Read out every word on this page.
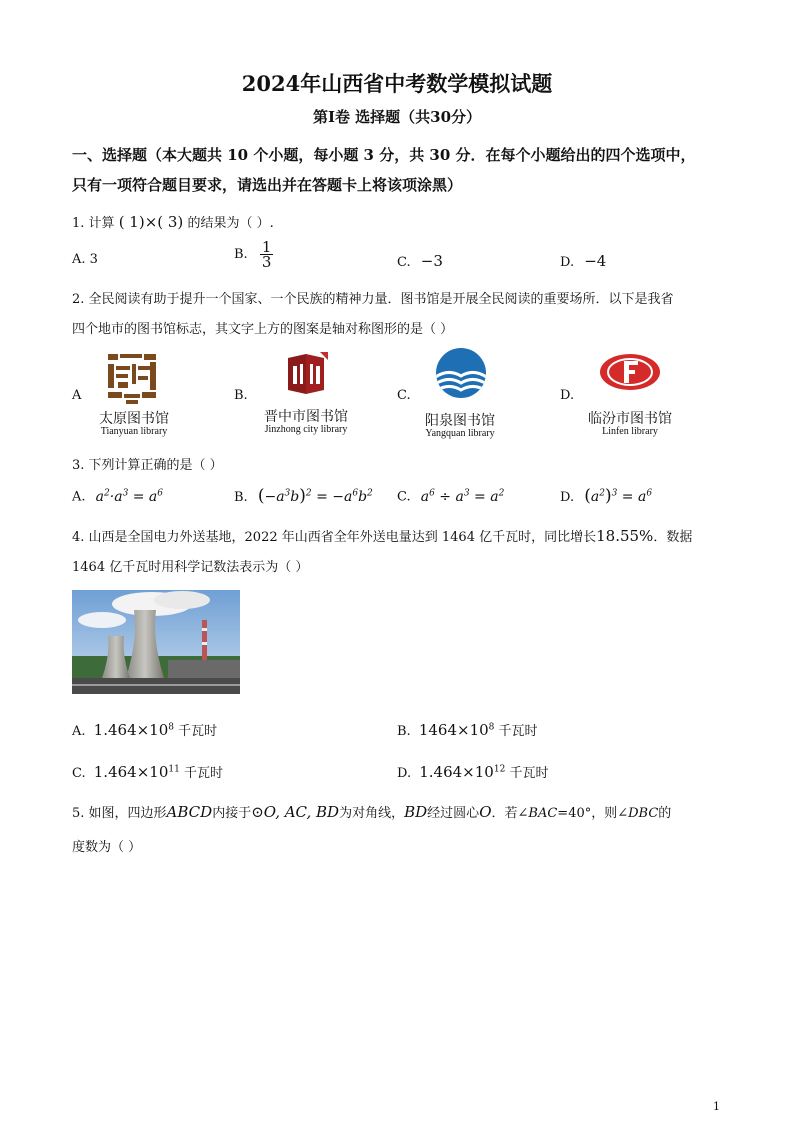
2024年山西省中考数学模拟试题
第Ⅰ卷 选择题（共30分）
一、选择题（本大题共 10 个小题，每小题 3 分，共 30 分．在每个小题给出的四个选项中，
只有一项符合题目要求，请选出并在答题卡上将该项涂黑）
1. 计算 ( 1)×( 3) 的结果为（ ）.
A. 3	B. $\frac{1}{3}$	C. −3	D. −4
2. 全民阅读有助于提升一个国家、一个民族的精神力量．图书馆是开展全民阅读的重要场所．以下是我省
四个地市的图书馆标志，其文字上方的图案是轴对称图形的是（ ）
A	B.	C.	D.
太原图书馆
Tianyuan library
晋中市图书馆
Jinzhong city library
阳泉图书馆
Yangquan library
临汾市图书馆
Linfen library
3. 下列计算正确的是（ ）
A. $a^2\cdot a^3 = a^6$	B. $(-a^3b)^2 = -a^6b^2$ C. $a^6 \div a^3 = a^2$	D. $(a^2)^3 = a^6$
4. 山西是全国电力外送基地，2022 年山西省全年外送电量达到 1464 亿千瓦时，同比增长18.55%．数据
1464 亿千瓦时用科学记数法表示为（ ）
A. $1.464\times 10^8$ 千瓦时	B. $1464\times 10^8$ 千瓦时
C. $1.464\times 10^{11}$ 千瓦时	D. $1.464\times 10^{12}$ 千瓦时
5. 如图，四边形ABCD内接于⊙O, AC, BD为对角线，BD经过圆心O．若∠BAC=40°，则∠DBC的
度数为（ ）
1
